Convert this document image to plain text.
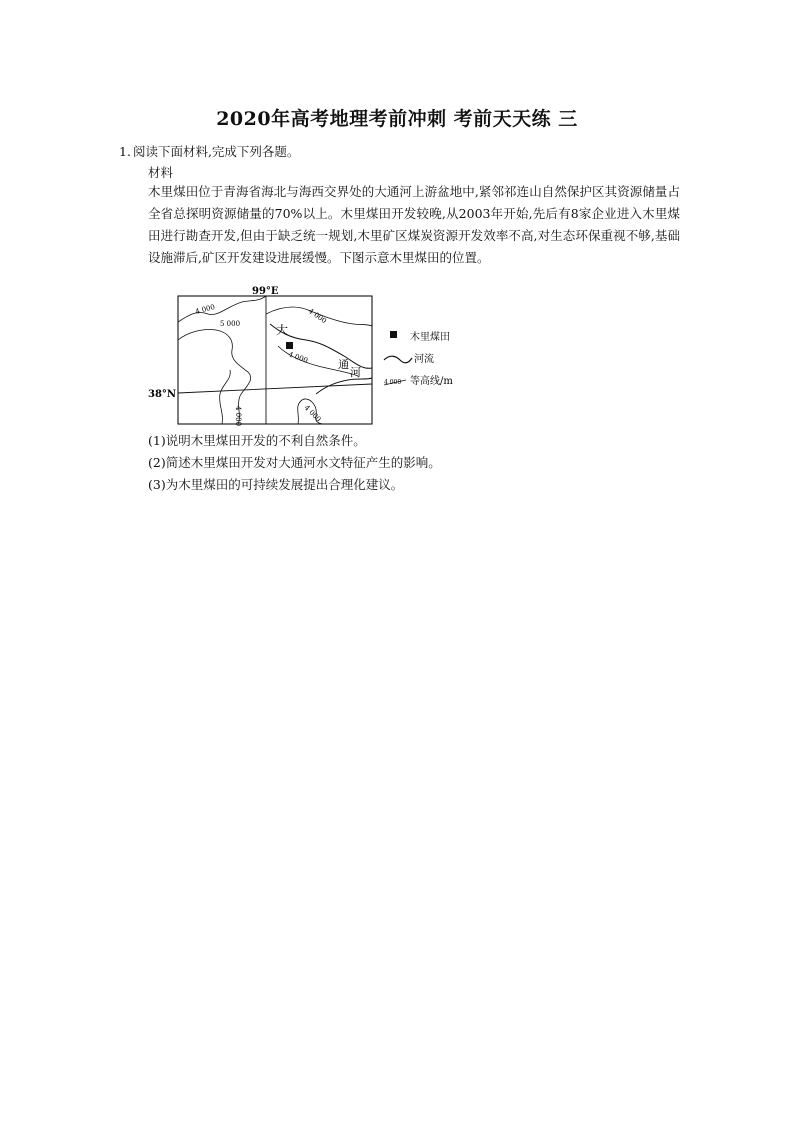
2020年高考地理考前冲刺 考前天天练 三
1. 阅读下面材料,完成下列各题。
材料
木里煤田位于青海省海北与海西交界处的大通河上游盆地中,紧邻祁连山自然保护区其资源储量占全省总探明资源储量的70%以上。木里煤田开发较晚,从2003年开始,先后有8家企业进入木里煤田进行勘查开发,但由于缺乏统一规划,木里矿区煤炭资源开发效率不高,对生态环保重视不够,基础设施滞后,矿区开发建设进展缓慢。下图示意木里煤田的位置。
99°E
38°N
4 000
5 000	4 000
4 000
4 000	4 000
大
通
河
木里煤田
河流
4 000 等高线/m
(1)说明木里煤田开发的不利自然条件。
(2)简述木里煤田开发对大通河水文特征产生的影响。
(3)为木里煤田的可持续发展提出合理化建议。
